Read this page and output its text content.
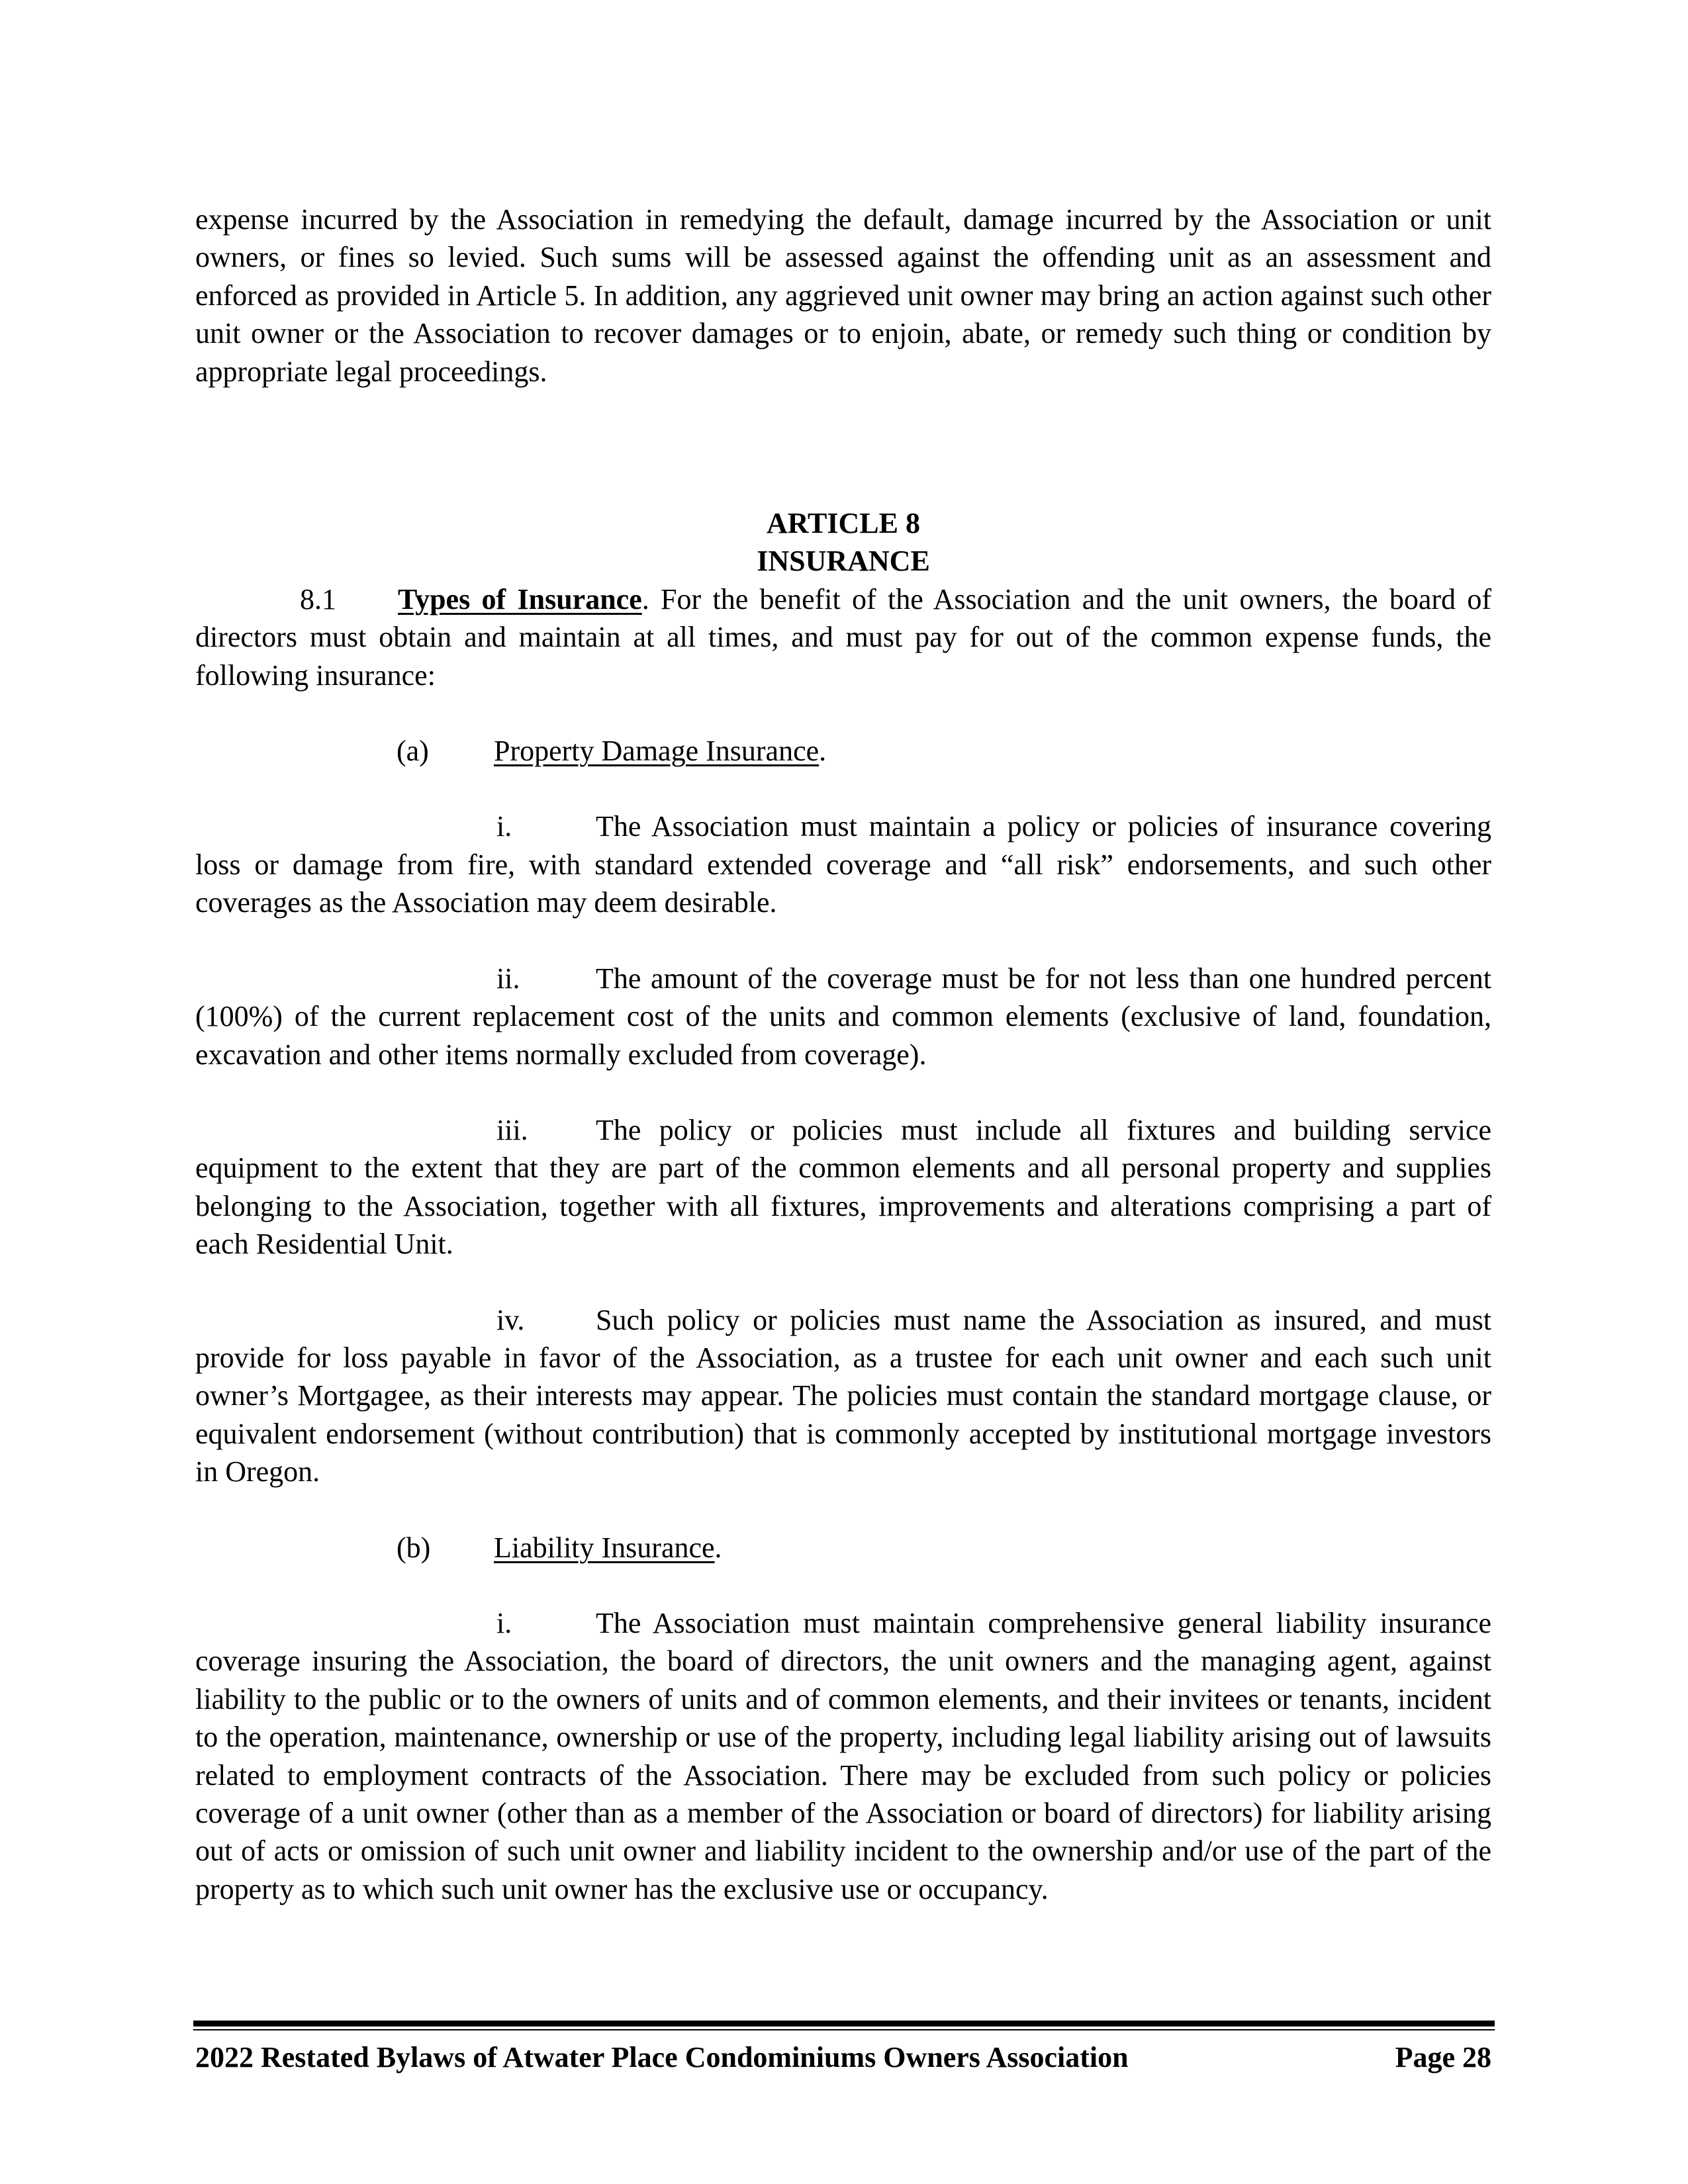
expense incurred by the Association in remedying the default, damage incurred by the Association or unit owners, or fines so levied. Such sums will be assessed against the offending unit as an assessment and enforced as provided in Article 5. In addition, any aggrieved unit owner may bring an action against such other unit owner or the Association to recover damages or to enjoin, abate, or remedy such thing or condition by appropriate legal proceedings.

ARTICLE 8

INSURANCE

8.1 Types of Insurance. For the benefit of the Association and the unit owners, the board of directors must obtain and maintain at all times, and must pay for out of the common expense funds, the following insurance:

(a) Property Damage Insurance.

i.	The Association must maintain a policy or policies of insurance covering loss or damage from fire, with standard extended coverage and “all risk” endorsements, and such other coverages as the Association may deem desirable.

ii.	The amount of the coverage must be for not less than one hundred percent (100%) of the current replacement cost of the units and common elements (exclusive of land, foundation, excavation and other items normally excluded from coverage).

iii. The policy or policies must include all fixtures and building service equipment to the extent that they are part of the common elements and all personal property and supplies belonging to the Association, together with all fixtures, improvements and alterations comprising a part of each Residential Unit.

iv. Such policy or policies must name the Association as insured, and must provide for loss payable in favor of the Association, as a trustee for each unit owner and each such unit owner’s Mortgagee, as their interests may appear. The policies must contain the standard mortgage clause, or equivalent endorsement (without contribution) that is commonly accepted by institutional mortgage investors in Oregon.

(b) Liability Insurance.

i.	The Association must maintain comprehensive general liability insurance coverage insuring the Association, the board of directors, the unit owners and the managing agent, against liability to the public or to the owners of units and of common elements, and their invitees or tenants, incident to the operation, maintenance, ownership or use of the property, including legal liability arising out of lawsuits related to employment contracts of the Association. There may be excluded from such policy or policies coverage of a unit owner (other than as a member of the Association or board of directors) for liability arising out of acts or omission of such unit owner and liability incident to the ownership and/or use of the part of the property as to which such unit owner has the exclusive use or occupancy.

2022 Restated Bylaws of Atwater Place Condominiums Owners Association	Page 28
